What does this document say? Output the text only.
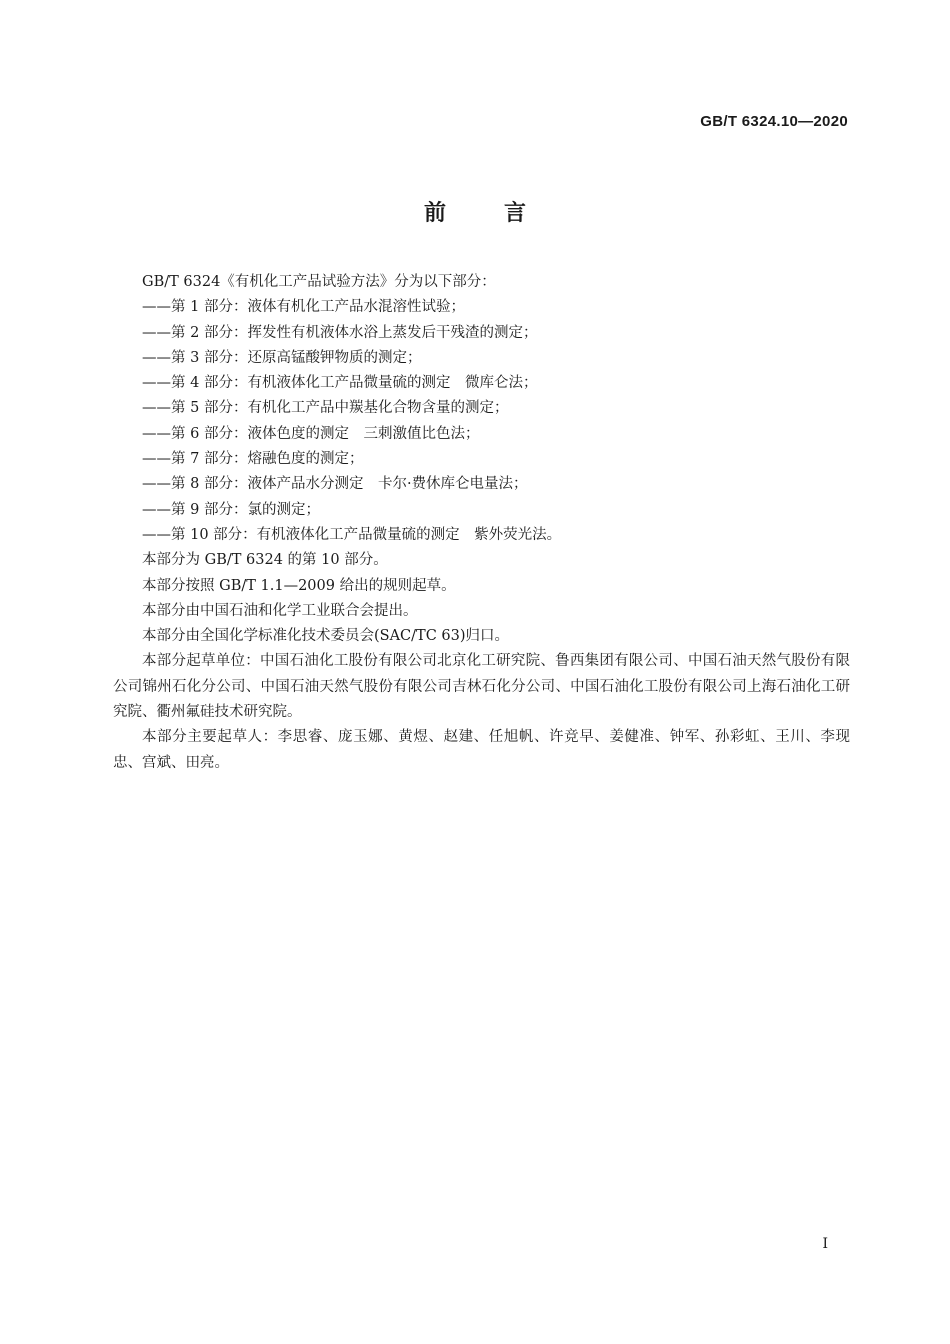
GB/T 6324.10—2020
前言

GB/T 6324《有机化工产品试验方法》分为以下部分：

——第 1 部分：液体有机化工产品水混溶性试验；

——第 2 部分：挥发性有机液体水浴上蒸发后干残渣的测定；

——第 3 部分：还原高锰酸钾物质的测定；

——第 4 部分：有机液体化工产品微量硫的测定　微库仑法；

——第 5 部分：有机化工产品中羰基化合物含量的测定；

——第 6 部分：液体色度的测定　三刺激值比色法；

——第 7 部分：熔融色度的测定；

——第 8 部分：液体产品水分测定　卡尔·费休库仑电量法；

——第 9 部分：氯的测定；

——第 10 部分：有机液体化工产品微量硫的测定　紫外荧光法。

本部分为 GB/T 6324 的第 10 部分。

本部分按照 GB/T 1.1—2009 给出的规则起草。

本部分由中国石油和化学工业联合会提出。

本部分由全国化学标准化技术委员会(SAC/TC 63)归口。

本部分起草单位：中国石油化工股份有限公司北京化工研究院、鲁西集团有限公司、中国石油天然气股份有限公司锦州石化分公司、中国石油天然气股份有限公司吉林石化分公司、中国石油化工股份有限公司上海石油化工研究院、衢州氟硅技术研究院。

本部分主要起草人：李思睿、庞玉娜、黄煜、赵建、任旭帆、许竞早、姜健准、钟军、孙彩虹、王川、李现忠、宫斌、田亮。

I
